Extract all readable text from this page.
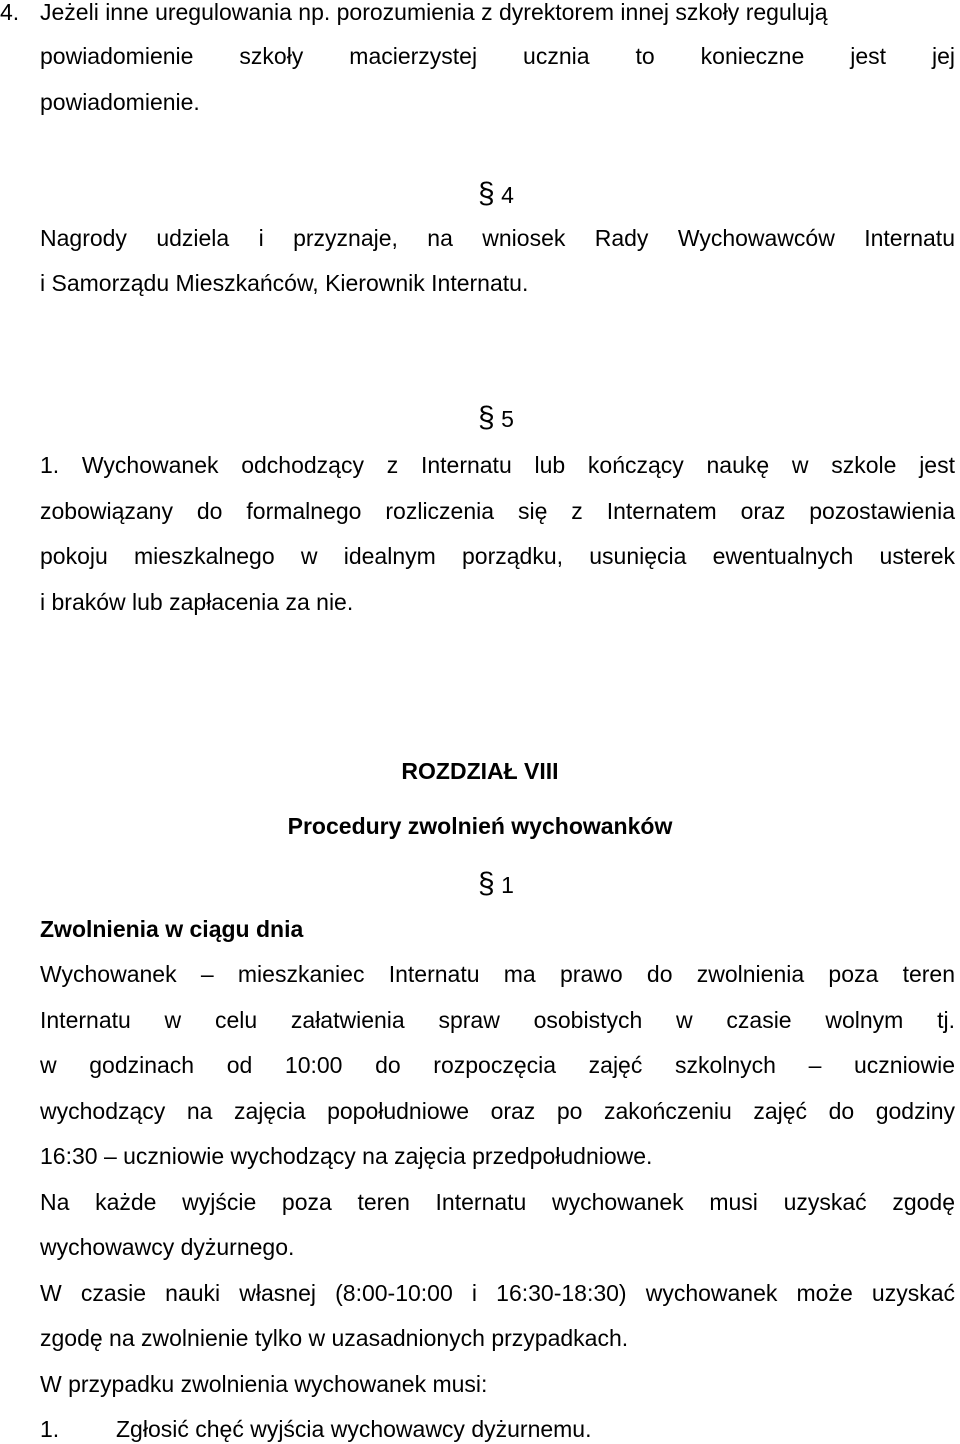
4. Jeżeli inne uregulowania np. porozumienia z dyrektorem innej szkoły regulują
powiadomienie szkoły macierzystej ucznia to konieczne jest jej
powiadomienie.
§ 4
Nagrody udziela i przyznaje, na wniosek Rady Wychowawców Internatu
i Samorządu Mieszkańców, Kierownik Internatu.
§ 5
1. Wychowanek odchodzący z Internatu lub kończący naukę w szkole jest
zobowiązany do formalnego rozliczenia się z Internatem oraz pozostawienia
pokoju mieszkalnego w idealnym porządku, usunięcia ewentualnych usterek
i braków lub zapłacenia za nie.
ROZDZIAŁ VIII
Procedury zwolnień wychowanków
§ 1
Zwolnienia w ciągu dnia
Wychowanek – mieszkaniec Internatu ma prawo do zwolnienia poza teren
Internatu w celu załatwienia spraw osobistych w czasie wolnym tj.
w godzinach od 10:00 do rozpoczęcia zajęć szkolnych – uczniowie
wychodzący na zajęcia popołudniowe oraz po zakończeniu zajęć do godziny
16:30 – uczniowie wychodzący na zajęcia przedpołudniowe.
Na każde wyjście poza teren Internatu wychowanek musi uzyskać zgodę
wychowawcy dyżurnego.
W czasie nauki własnej (8:00-10:00 i 16:30-18:30) wychowanek może uzyskać
zgodę na zwolnienie tylko w uzasadnionych przypadkach.
W przypadku zwolnienia wychowanek musi:
1. Zgłosić chęć wyjścia wychowawcy dyżurnemu.
